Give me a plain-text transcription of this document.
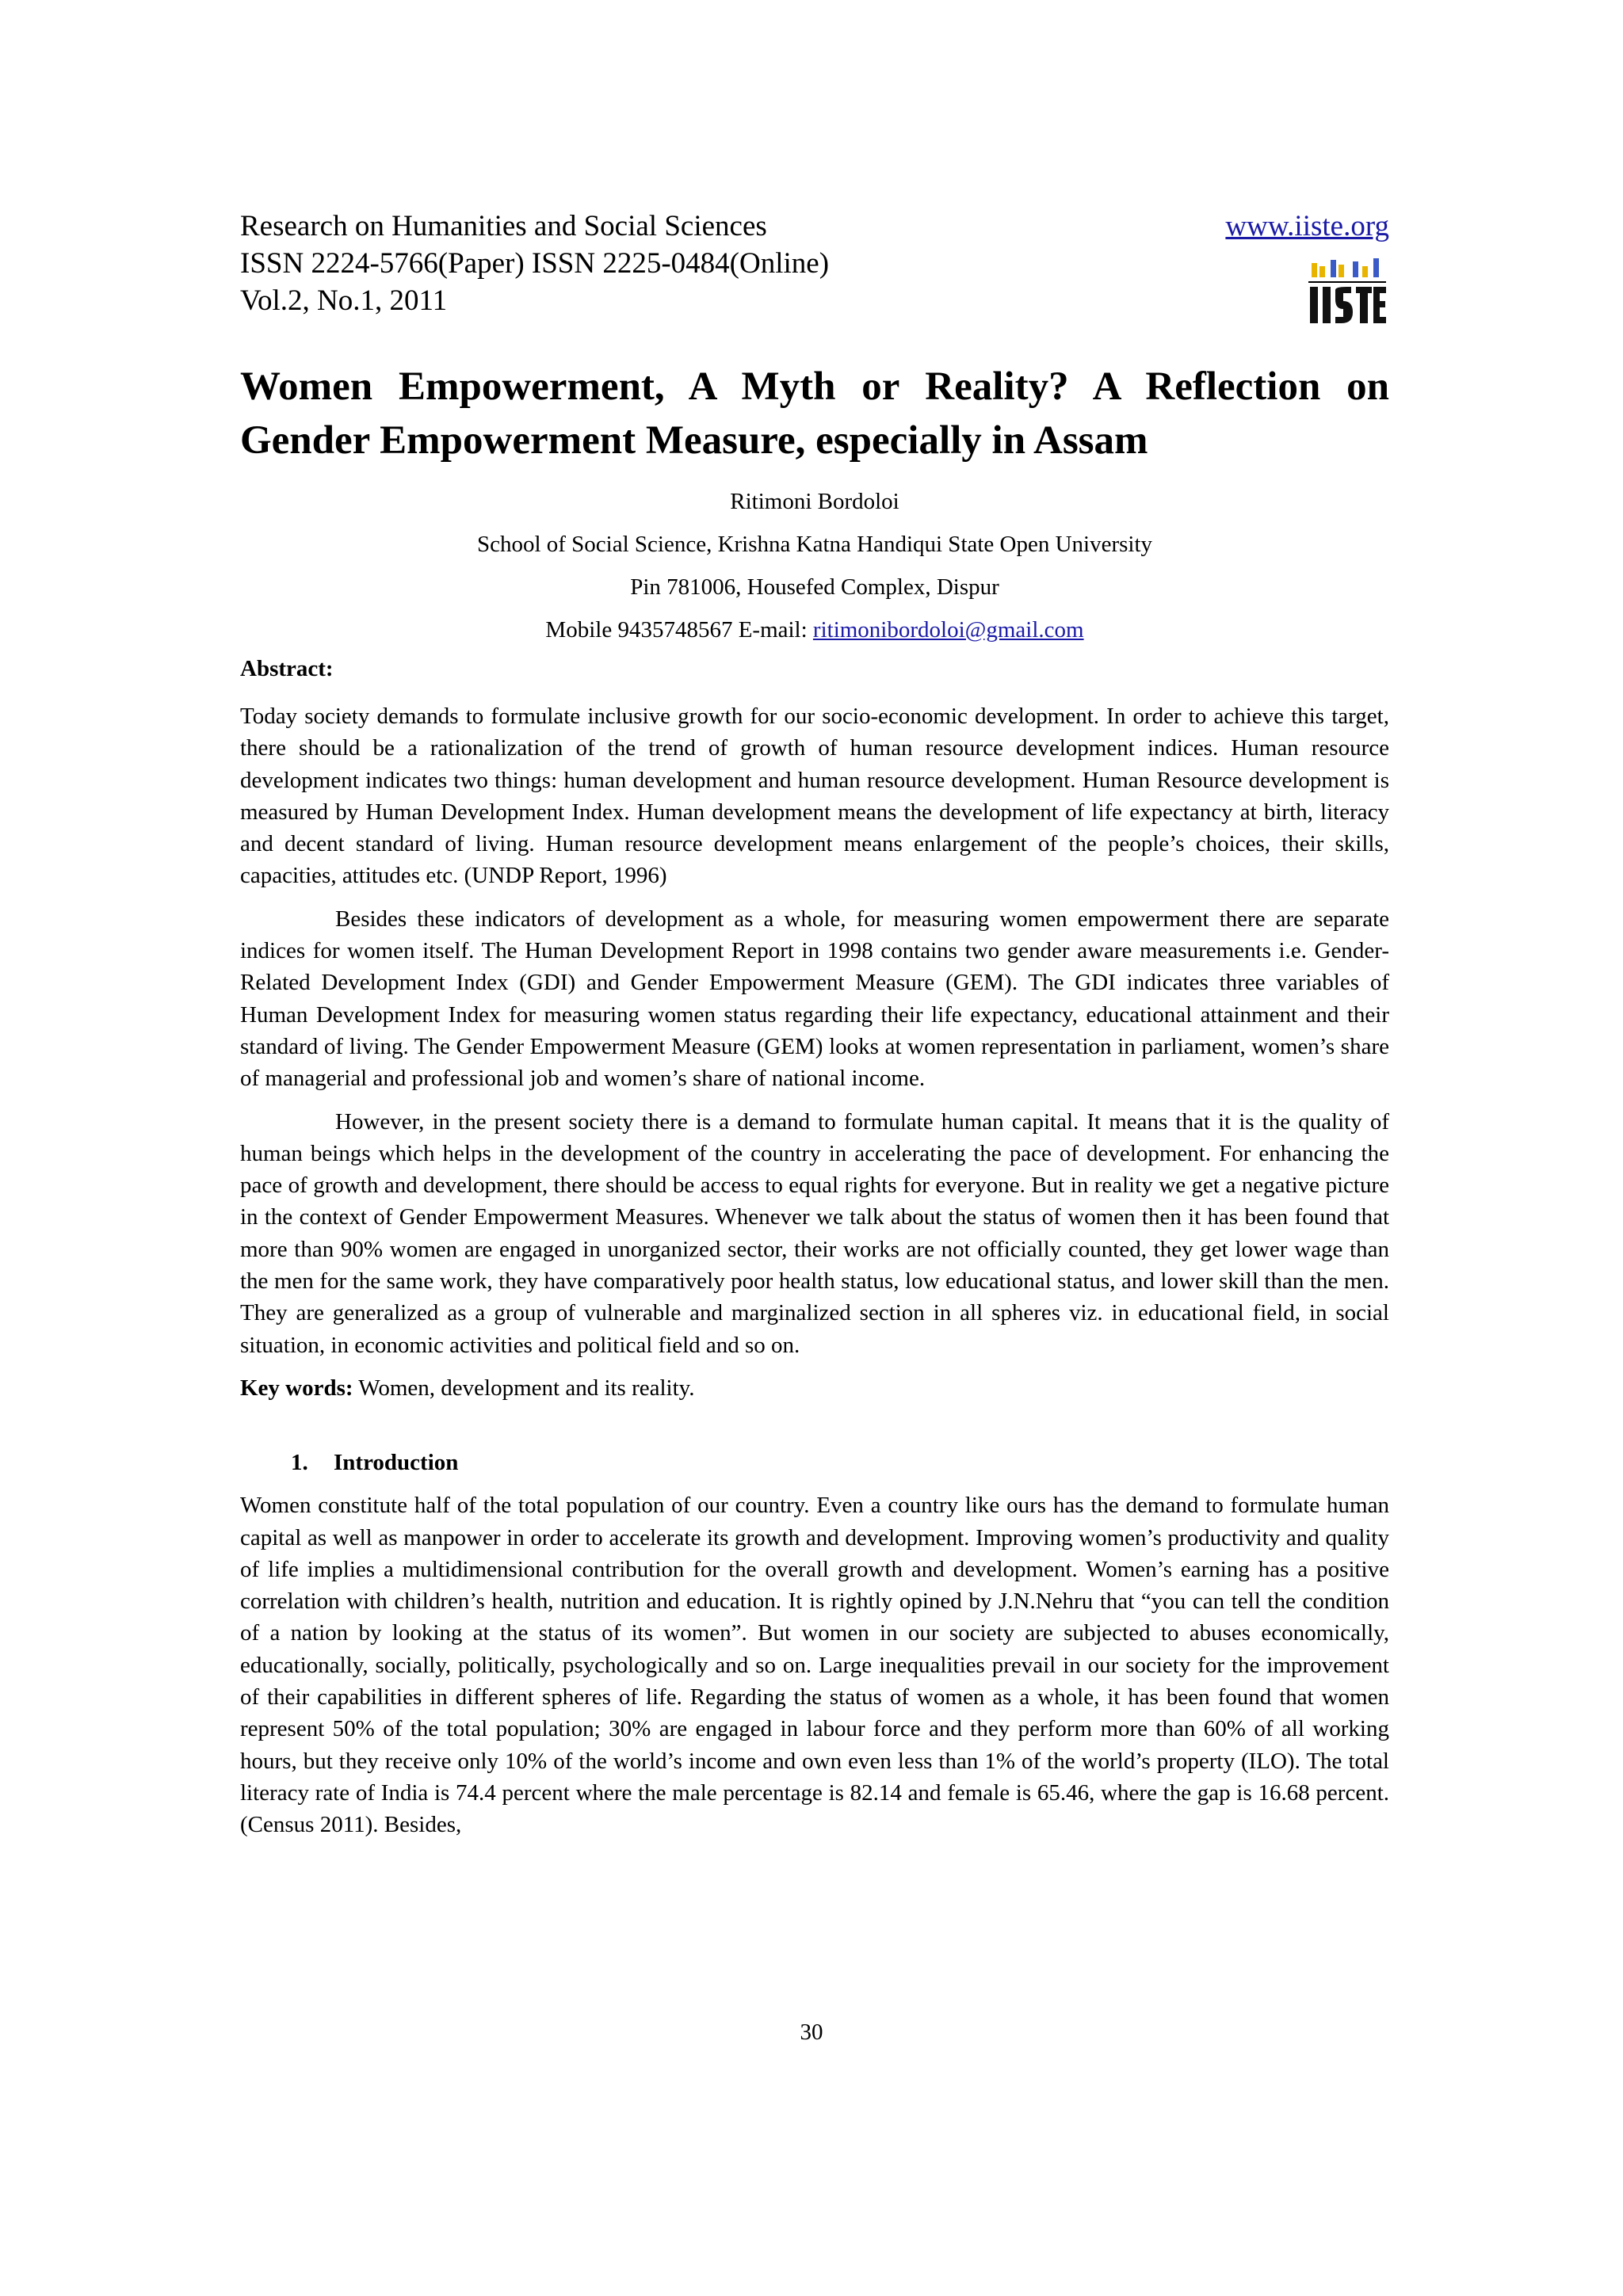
Research on Humanities and Social Sciences
ISSN 2224-5766(Paper) ISSN 2225-0484(Online)
Vol.2, No.1, 2011
www.iiste.org
Women Empowerment, A Myth or Reality? A Reflection on
Gender Empowerment Measure, especially in Assam
Ritimoni Bordoloi
School of Social Science, Krishna Katna Handiqui State Open University
Pin 781006, Housefed Complex, Dispur
Mobile 9435748567 E-mail: ritimonibordoloi@gmail.com
Abstract:

Today society demands to formulate inclusive growth for our socio-economic development. In order to achieve this target, there should be a rationalization of the trend of growth of human resource development indices. Human resource development indicates two things: human development and human resource development. Human Resource development is measured by Human Development Index. Human development means the development of life expectancy at birth, literacy and decent standard of living. Human resource development means enlargement of the people’s choices, their skills, capacities, attitudes etc. (UNDP Report, 1996)

Besides these indicators of development as a whole, for measuring women empowerment there are separate indices for women itself. The Human Development Report in 1998 contains two gender aware measurements i.e. Gender-Related Development Index (GDI) and Gender Empowerment Measure (GEM). The GDI indicates three variables of Human Development Index for measuring women status regarding their life expectancy, educational attainment and their standard of living. The Gender Empowerment Measure (GEM) looks at women representation in parliament, women’s share of managerial and professional job and women’s share of national income.

However, in the present society there is a demand to formulate human capital. It means that it is the quality of human beings which helps in the development of the country in accelerating the pace of development. For enhancing the pace of growth and development, there should be access to equal rights for everyone. But in reality we get a negative picture in the context of Gender Empowerment Measures. Whenever we talk about the status of women then it has been found that more than 90% women are engaged in unorganized sector, their works are not officially counted, they get lower wage than the men for the same work, they have comparatively poor health status, low educational status, and lower skill than the men. They are generalized as a group of vulnerable and marginalized section in all spheres viz. in educational field, in social situation, in economic activities and political field and so on.

Key words: Women, development and its reality.

1. Introduction

Women constitute half of the total population of our country. Even a country like ours has the demand to formulate human capital as well as manpower in order to accelerate its growth and development. Improving women’s productivity and quality of life implies a multidimensional contribution for the overall growth and development. Women’s earning has a positive correlation with children’s health, nutrition and education. It is rightly opined by J.N.Nehru that “you can tell the condition of a nation by looking at the status of its women”. But women in our society are subjected to abuses economically, educationally, socially, politically, psychologically and so on. Large inequalities prevail in our society for the improvement of their capabilities in different spheres of life. Regarding the status of women as a whole, it has been found that women represent 50% of the total population; 30% are engaged in labour force and they perform more than 60% of all working hours, but they receive only 10% of the world’s income and own even less than 1% of the world’s property (ILO). The total literacy rate of India is 74.4 percent where the male percentage is 82.14 and female is 65.46, where the gap is 16.68 percent. (Census 2011). Besides,

30
